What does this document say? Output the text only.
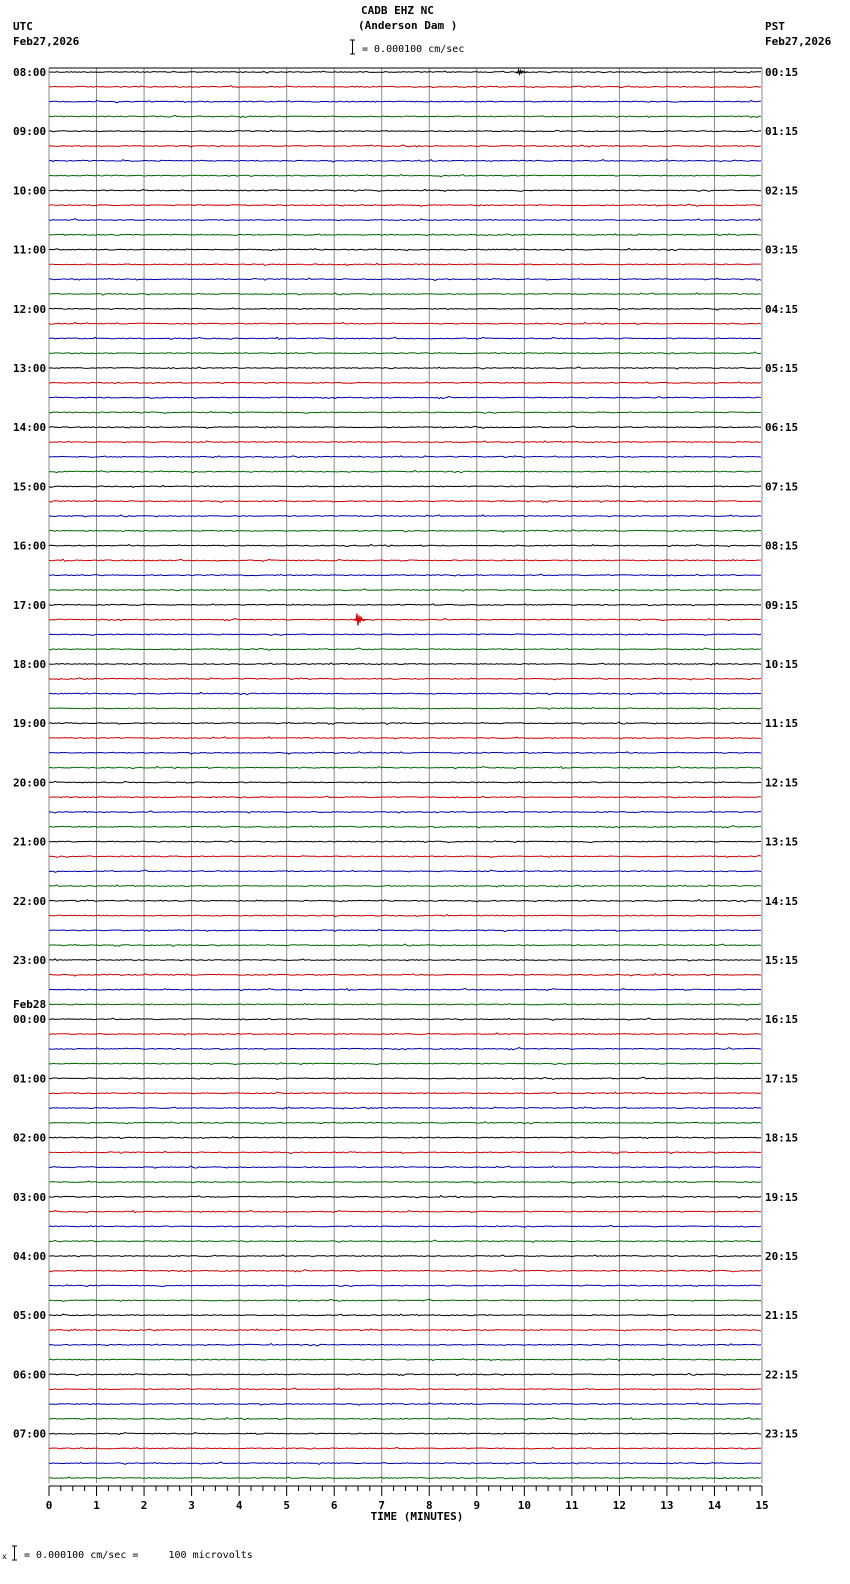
CADB EHZ NC
(Anderson Dam )
= 0.000100 cm/sec
UTC
Feb27,2026
PST
Feb27,2026
0	1	2	3	4	5	6	7	8	9	10	11	12	13	14	15
08:00
09:00
10:00
11:00
12:00
13:00
14:00
15:00
16:00
17:00
18:00
19:00
20:00
21:00
22:00
23:00
00:00
01:00
02:00
03:00
04:00
05:00
06:00
07:00
00:15
01:15
02:15
03:15
04:15
05:15
06:15
07:15
08:15
09:15
10:15
11:15
12:15
13:15
14:15
15:15
16:15
17:15
18:15
19:15
20:15
21:15
22:15
23:15
Feb28
TIME (MINUTES)
x = 0.000100 cm/sec =     100 microvolts
